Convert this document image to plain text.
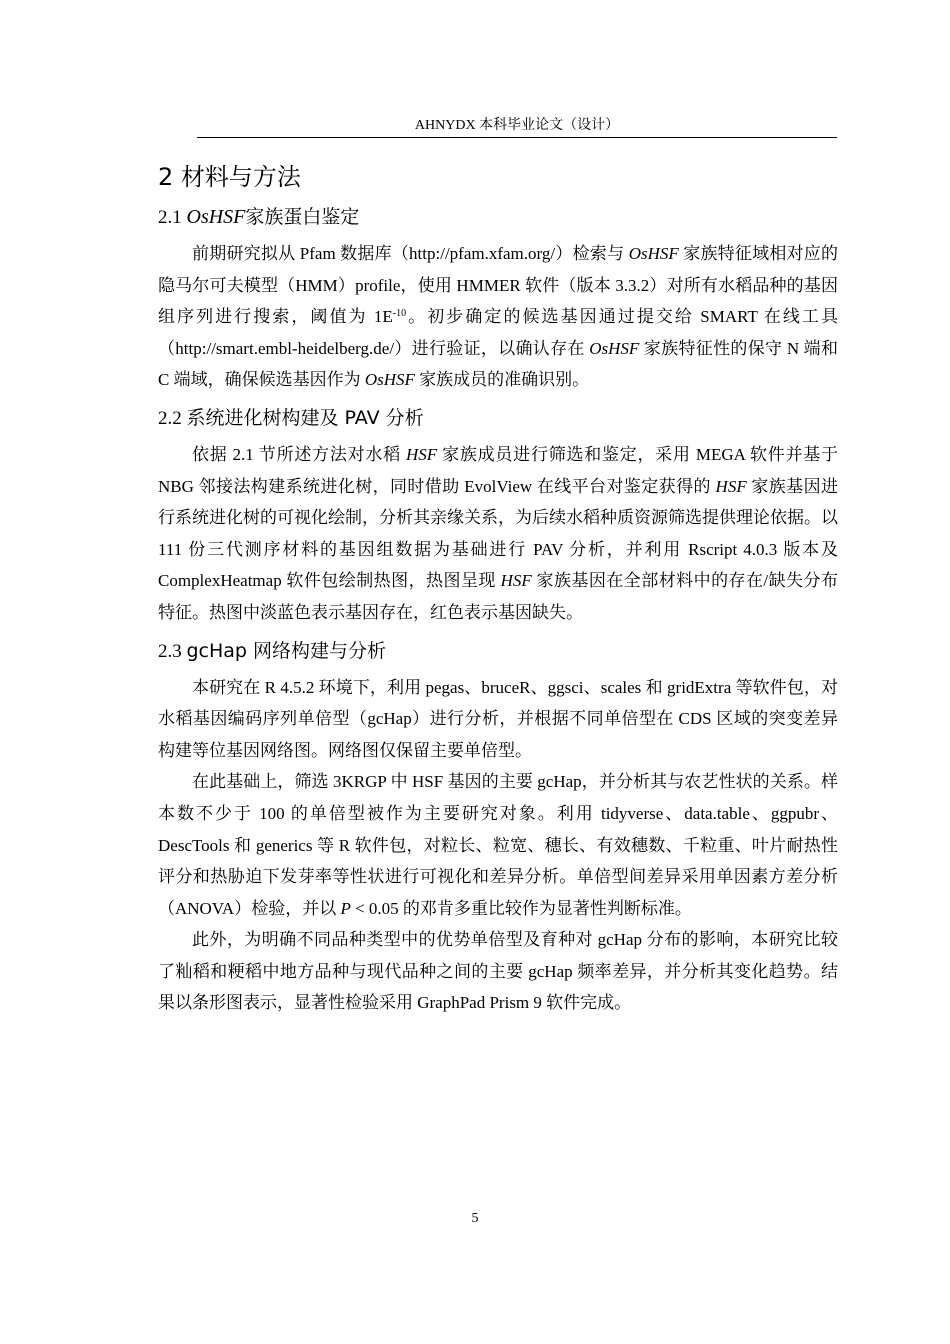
AHNYDX 本科毕业论文（设计）
2 材料与方法
2.1 OsHSF家族蛋白鉴定

前期研究拟从 Pfam 数据库（http://pfam.xfam.org/）检索与 OsHSF 家族特征域相对应的隐马尔可夫模型（HMM）profile，使用 HMMER 软件（版本 3.3.2）对所有水稻品种的基因组序列进行搜索，阈值为 $1E^{-10}$。初步确定的候选基因通过提交给 SMART 在线工具（http://smart.embl-heidelberg.de/）进行验证，以确认存在 OsHSF 家族特征性的保守 N 端和 C 端域，确保候选基因作为 OsHSF 家族成员的准确识别。

2.2 系统进化树构建及 PAV 分析

依据 2.1 节所述方法对水稻 HSF 家族成员进行筛选和鉴定，采用 MEGA 软件并基于 NBG 邻接法构建系统进化树，同时借助 EvolView 在线平台对鉴定获得的 HSF 家族基因进行系统进化树的可视化绘制，分析其亲缘关系，为后续水稻种质资源筛选提供理论依据。以 111 份三代测序材料的基因组数据为基础进行 PAV 分析，并利用 Rscript 4.0.3 版本及 ComplexHeatmap 软件包绘制热图，热图呈现 HSF 家族基因在全部材料中的存在/缺失分布特征。热图中淡蓝色表示基因存在，红色表示基因缺失。

2.3 gcHap 网络构建与分析

本研究在 R 4.5.2 环境下，利用 pegas、bruceR、ggsci、scales 和 gridExtra 等软件包，对水稻基因编码序列单倍型（gcHap）进行分析，并根据不同单倍型在 CDS 区域的突变差异构建等位基因网络图。网络图仅保留主要单倍型。

在此基础上，筛选 3KRGP 中 HSF 基因的主要 gcHap，并分析其与农艺性状的关系。样本数不少于 100 的单倍型被作为主要研究对象。利用 tidyverse、data.table、ggpubr、DescTools 和 generics 等 R 软件包，对粒长、粒宽、穗长、有效穗数、千粒重、叶片耐热性评分和热胁迫下发芽率等性状进行可视化和差异分析。单倍型间差异采用单因素方差分析（ANOVA）检验，并以 P < 0.05 的邓肯多重比较作为显著性判断标准。

此外，为明确不同品种类型中的优势单倍型及育种对 gcHap 分布的影响，本研究比较了籼稻和粳稻中地方品种与现代品种之间的主要 gcHap 频率差异，并分析其变化趋势。结果以条形图表示，显著性检验采用 GraphPad Prism 9 软件完成。

5
